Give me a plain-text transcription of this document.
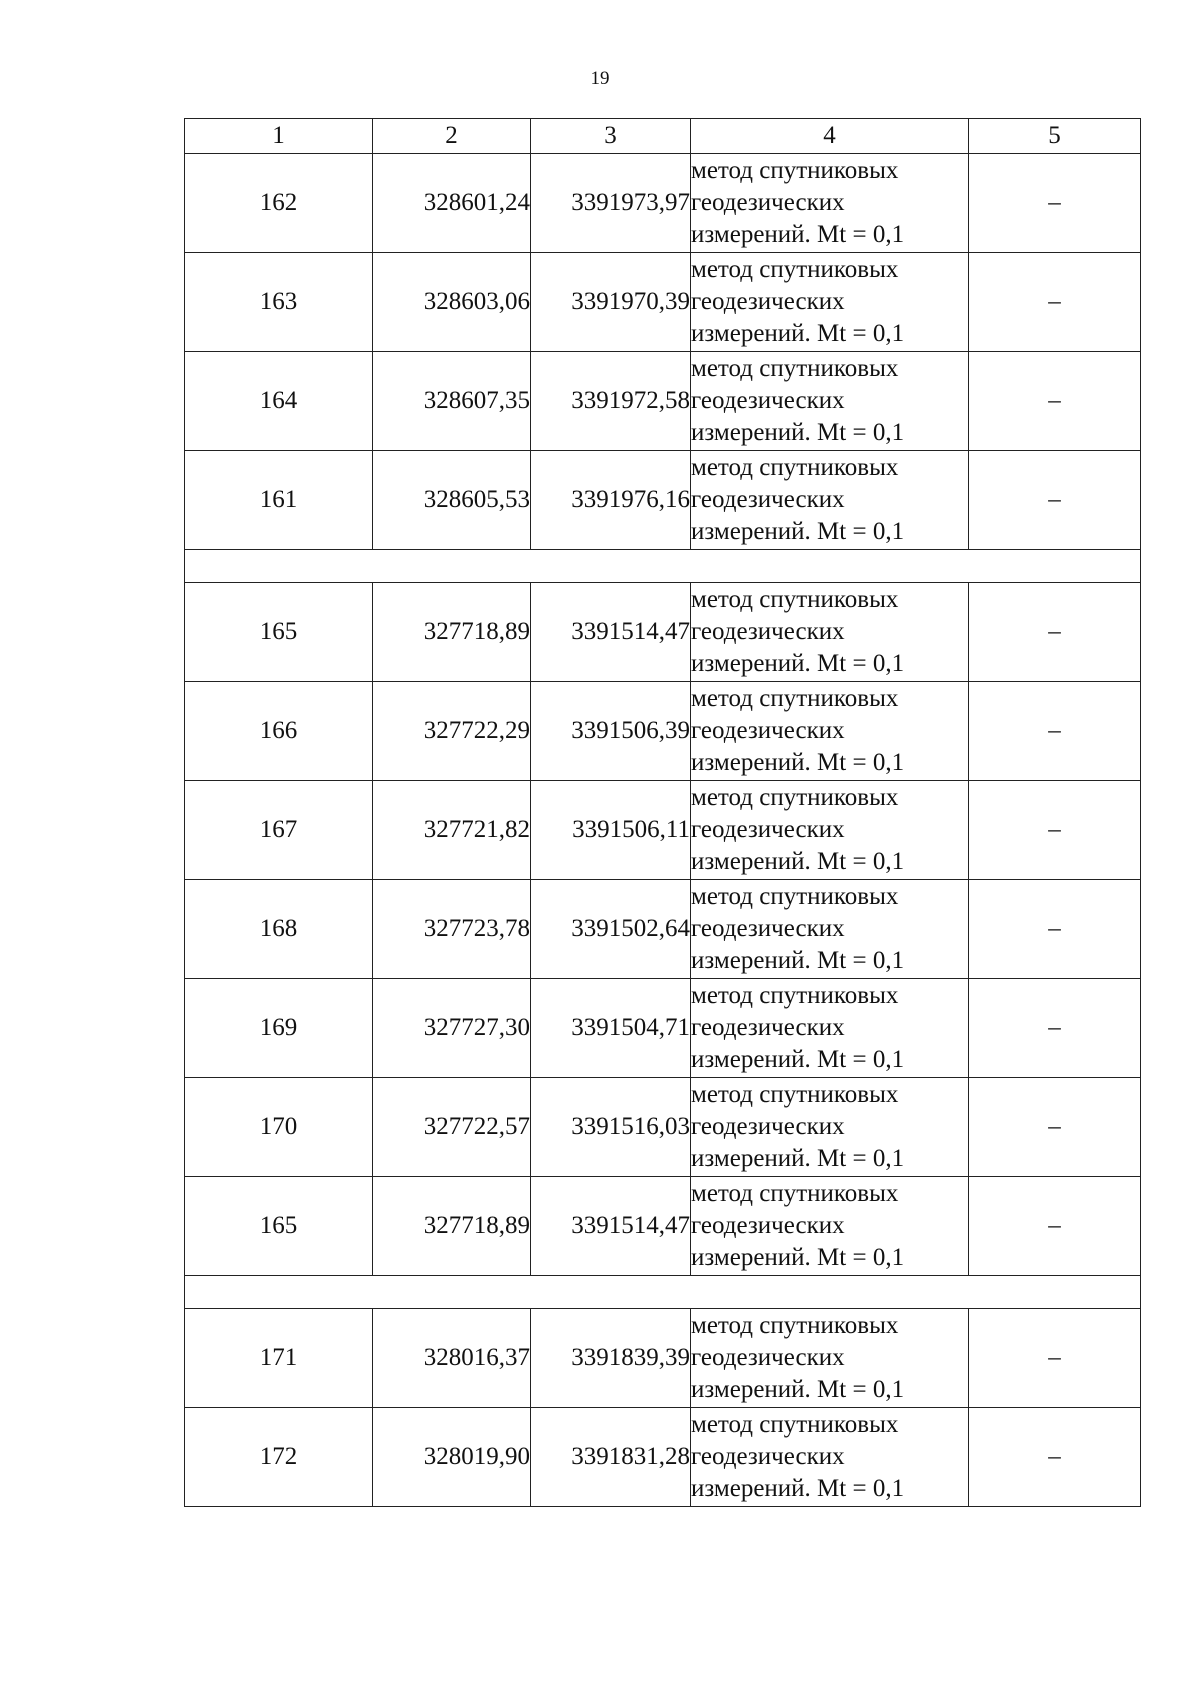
19
1	2	3	4	5
162	328601,24	3391973,97	метод спутниковых
геодезических
измерений. Mt = 0,1	–
163	328603,06	3391970,39	метод спутниковых
геодезических
измерений. Mt = 0,1	–
164	328607,35	3391972,58	метод спутниковых
геодезических
измерений. Mt = 0,1	–
161	328605,53	3391976,16	метод спутниковых
геодезических
измерений. Mt = 0,1	–

165	327718,89	3391514,47	метод спутниковых
геодезических
измерений. Mt = 0,1	–
166	327722,29	3391506,39	метод спутниковых
геодезических
измерений. Mt = 0,1	–
167	327721,82	3391506,11	метод спутниковых
геодезических
измерений. Mt = 0,1	–
168	327723,78	3391502,64	метод спутниковых
геодезических
измерений. Mt = 0,1	–
169	327727,30	3391504,71	метод спутниковых
геодезических
измерений. Mt = 0,1	–
170	327722,57	3391516,03	метод спутниковых
геодезических
измерений. Mt = 0,1	–
165	327718,89	3391514,47	метод спутниковых
геодезических
измерений. Mt = 0,1	–

171	328016,37	3391839,39	метод спутниковых
геодезических
измерений. Mt = 0,1	–
172	328019,90	3391831,28	метод спутниковых
геодезических
измерений. Mt = 0,1	–
